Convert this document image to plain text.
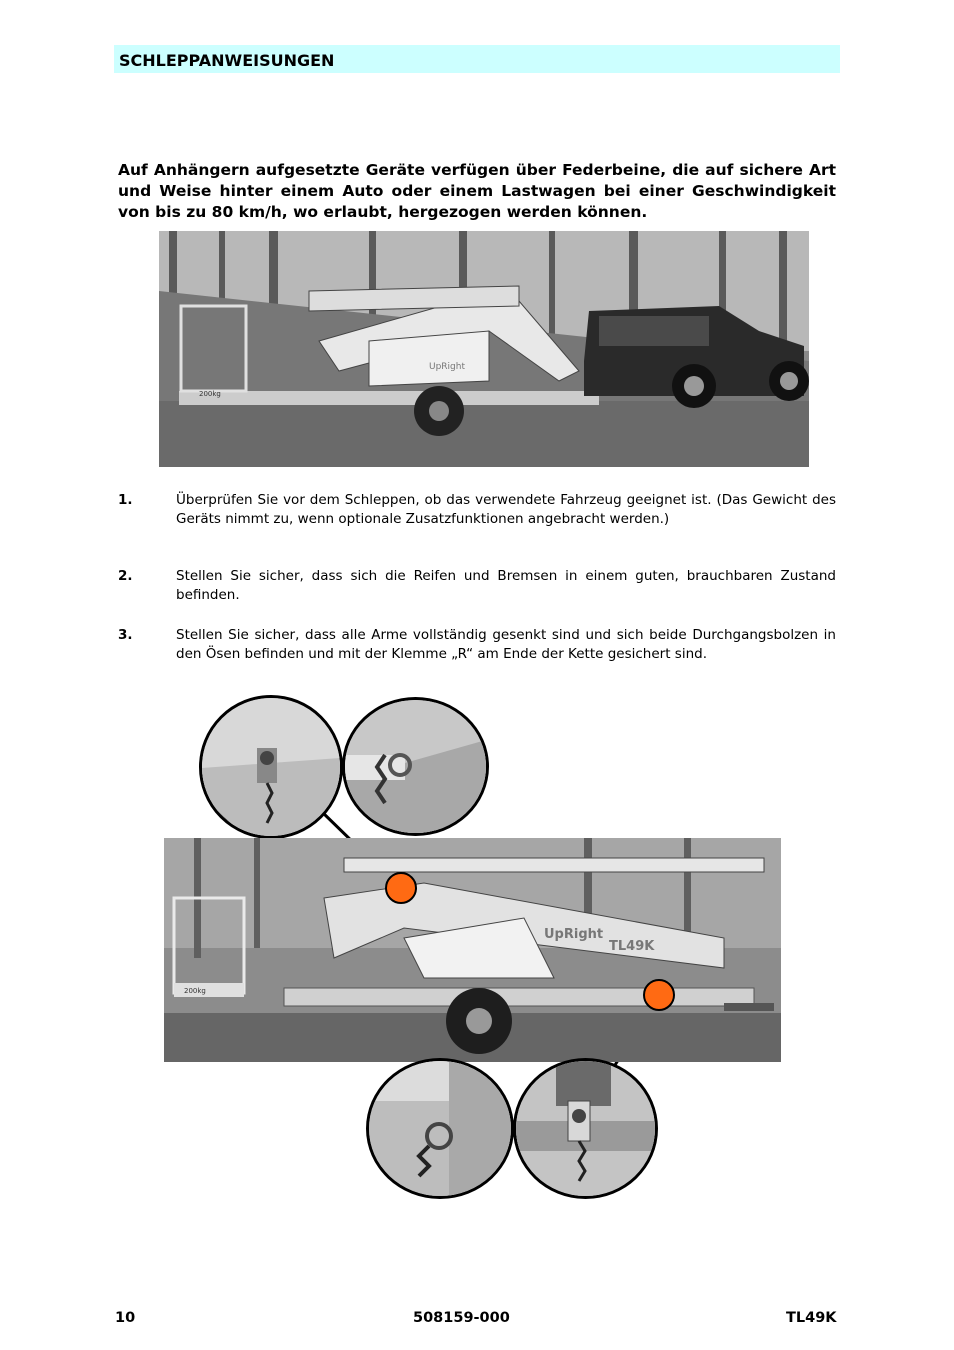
SCHLEPPANWEISUNGEN

Auf Anhängern aufgesetzte Geräte verfügen über Federbeine, die auf sichere Art und Weise hinter einem Auto oder einem Lastwagen bei einer Geschwindigkeit von bis zu 80 km/h, wo erlaubt, hergezogen werden können.

UpRight
200kg
1.	Überprüfen Sie vor dem Schleppen, ob das verwendete Fahrzeug geeignet ist. (Das Gewicht des Geräts nimmt zu, wenn optionale Zusatzfunktionen angebracht werden.)

2.	Stellen Sie sicher, dass sich die Reifen und Bremsen in einem guten, brauchbaren Zustand befinden.

3.	Stellen Sie sicher, dass alle Arme vollständig gesenkt sind und sich beide Durchgangsbolzen in den Ösen befinden und mit der Klemme „R“ am Ende der Kette gesichert sind.

200kg
UpRight
TL49K
10	508159-000	TL49K
